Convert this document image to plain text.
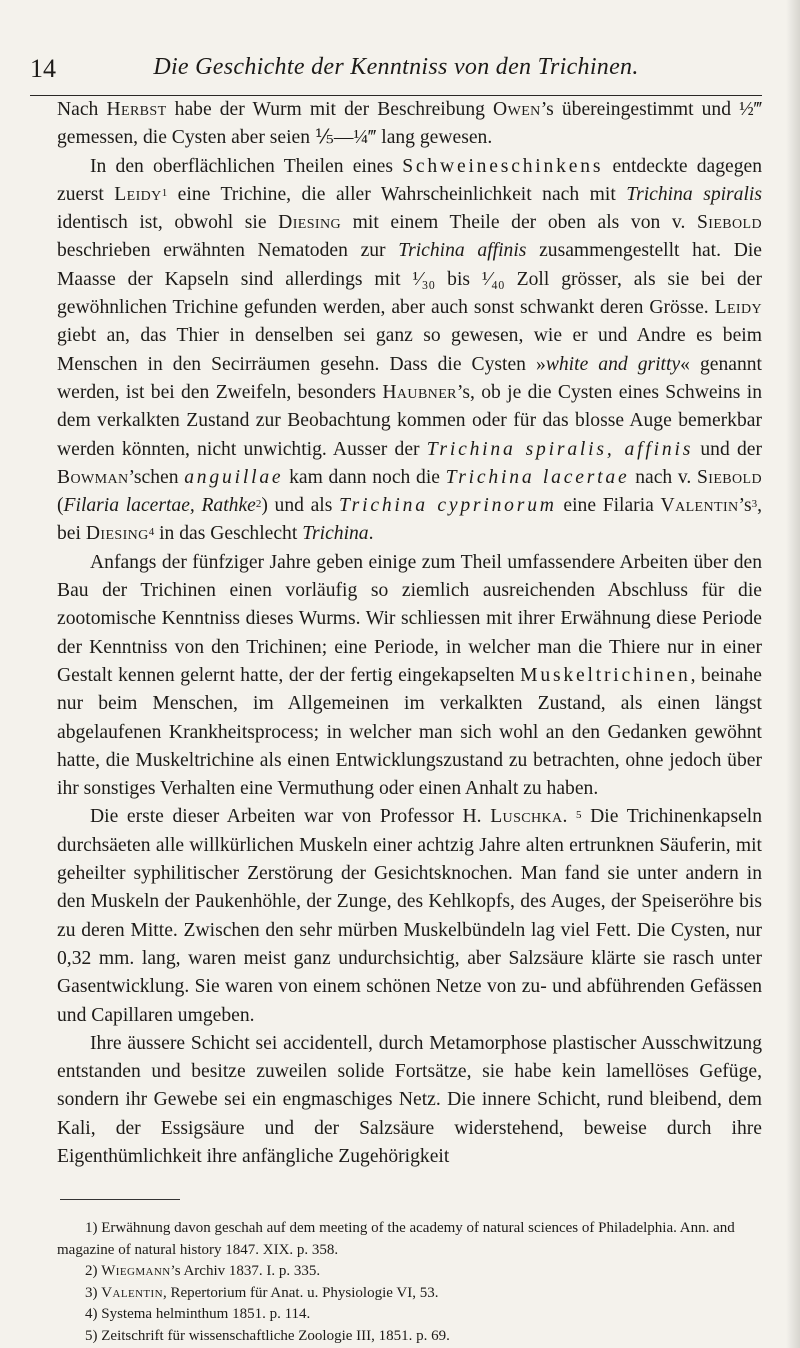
14	Die Geschichte der Kenntniss von den Trichinen.

Nach Herbst habe der Wurm mit der Beschreibung Owen’s übereingestimmt und ½‴ gemessen, die Cysten aber seien ⅕—¼‴ lang gewesen.

In den oberflächlichen Theilen eines Schweineschinkens entdeckte dagegen zuerst Leidy$^1$ eine Trichine, die aller Wahrscheinlichkeit nach mit Trichina spiralis identisch ist, obwohl sie Diesing mit einem Theile der oben als von v. Siebold beschrieben erwähnten Nematoden zur Trichina affinis zusammengestellt hat. Die Maasse der Kapseln sind allerdings mit ¹⁄₃₀ bis ¹⁄₄₀ Zoll grösser, als sie bei der gewöhnlichen Trichine gefunden werden, aber auch sonst schwankt deren Grösse. Leidy giebt an, das Thier in denselben sei ganz so gewesen, wie er und Andre es beim Menschen in den Secirräumen gesehn. Dass die Cysten »white and gritty« genannt werden, ist bei den Zweifeln, besonders Haubner’s, ob je die Cysten eines Schweins in dem verkalkten Zustand zur Beobachtung kommen oder für das blosse Auge bemerkbar werden könnten, nicht unwichtig. Ausser der Trichina spiralis, affinis und der Bowman’schen anguillae kam dann noch die Trichina lacertae nach v. Siebold (Filaria lacertae, Rathke$^2$) und als Trichina cyprinorum eine Filaria $Valentin’s^3$, bei Diesing$^4$ in das Geschlecht Trichina.

Anfangs der fünfziger Jahre geben einige zum Theil umfassendere Arbeiten über den Bau der Trichinen einen vorläufig so ziemlich ausreichenden Abschluss für die zootomische Kenntniss dieses Wurms. Wir schliessen mit ihrer Erwähnung diese Periode der Kenntniss von den Trichinen; eine Periode, in welcher man die Thiere nur in einer Gestalt kennen gelernt hatte, der der fertig eingekapselten Muskeltrichinen, beinahe nur beim Menschen, im Allgemeinen im verkalkten Zustand, als einen längst abgelaufenen Krankheitsprocess; in welcher man sich wohl an den Gedanken gewöhnt hatte, die Muskeltrichine als einen Entwicklungszustand zu betrachten, ohne jedoch über ihr sonstiges Verhalten eine Vermuthung oder einen Anhalt zu haben.

Die erste dieser Arbeiten war von Professor H. Luschka. $^5$ Die Trichinenkapseln durchsäeten alle willkürlichen Muskeln einer achtzig Jahre alten ertrunknen Säuferin, mit geheilter syphilitischer Zerstörung der Gesichtsknochen. Man fand sie unter andern in den Muskeln der Paukenhöhle, der Zunge, des Kehlkopfs, des Auges, der Speiseröhre bis zu deren Mitte. Zwischen den sehr mürben Muskelbündeln lag viel Fett. Die Cysten, nur 0,32 mm. lang, waren meist ganz undurchsichtig, aber Salzsäure klärte sie rasch unter Gasentwicklung. Sie waren von einem schönen Netze von zu- und abführenden Gefässen und Capillaren umgeben.

Ihre äussere Schicht sei accidentell, durch Metamorphose plastischer Ausschwitzung entstanden und besitze zuweilen solide Fortsätze, sie habe kein lamellöses Gefüge, sondern ihr Gewebe sei ein engmaschiges Netz. Die innere Schicht, rund bleibend, dem Kali, der Essigsäure und der Salzsäure widerstehend, beweise durch ihre Eigenthümlichkeit ihre anfängliche Zugehörigkeit

1) Erwähnung davon geschah auf dem meeting of the academy of natural sciences of Philadelphia. Ann. and magazine of natural history 1847. XIX. p. 358.

2) Wiegmann’s Archiv 1837. I. p. 335.

3) Valentin, Repertorium für Anat. u. Physiologie VI, 53.

4) Systema helminthum 1851. p. 114.

5) Zeitschrift für wissenschaftliche Zoologie III, 1851. p. 69.
